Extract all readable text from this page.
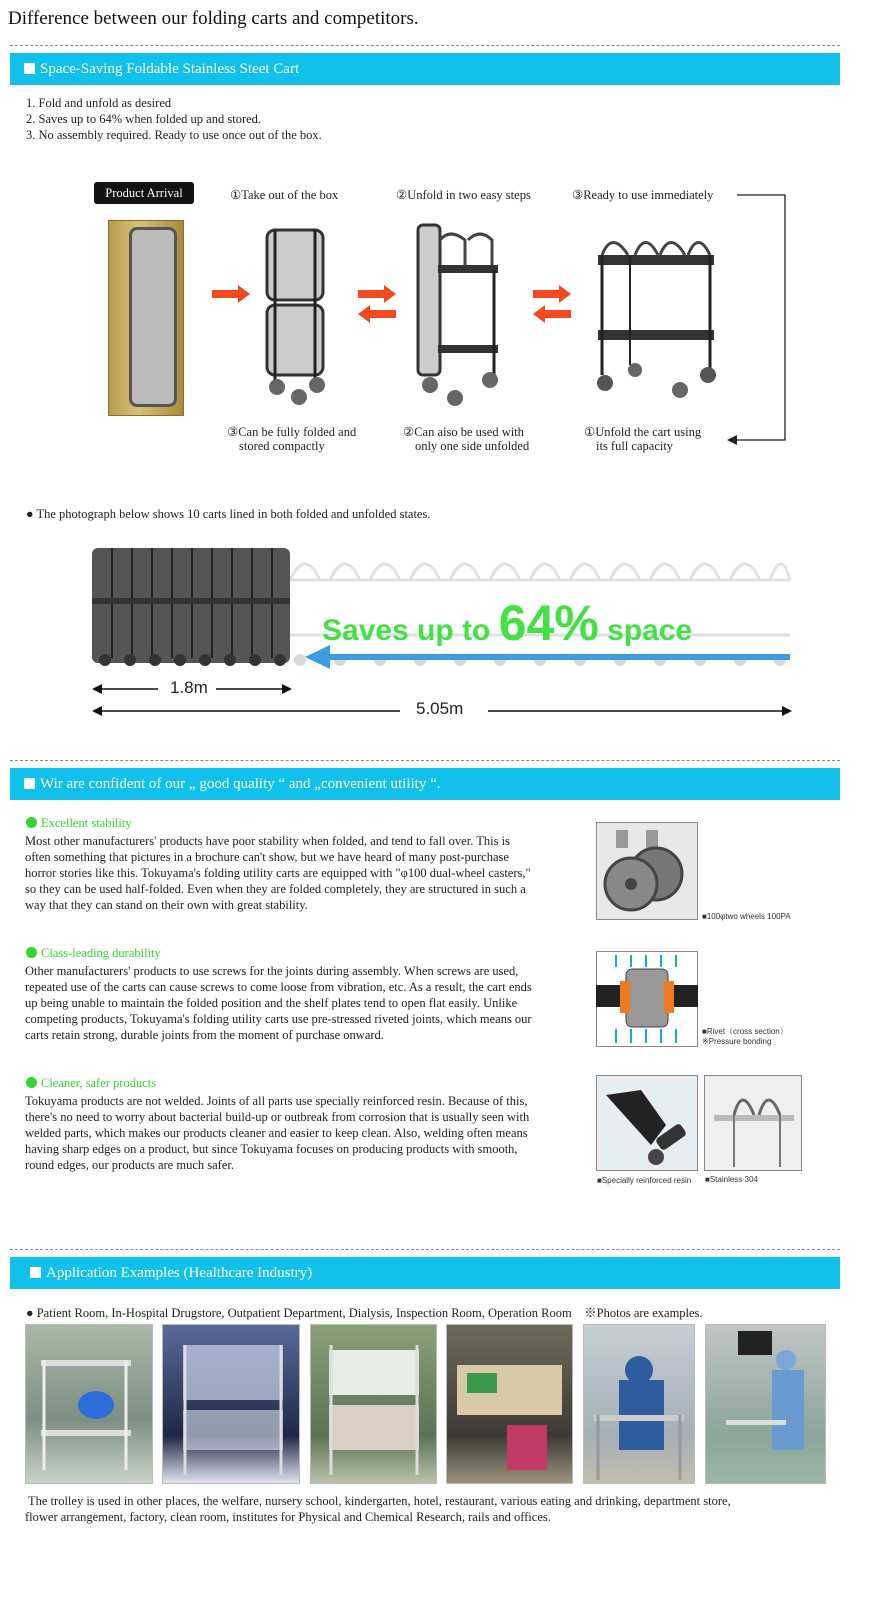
Difference between our folding carts and competitors.
Space-Saving Foldable Stainless Steet Cart
1. Fold and unfold as desired
2. Saves up to 64% when folded up and stored.
3. No assembly required. Ready to use once out of the box.
Product Arrival	①Take out of the box	②Unfold in two easy steps	③Ready to use immediately
③Can be fully folded and
stored compactly
②Can aiso be used with
only one side unfolded
①Unfold the cart using
its full capacity
● The photograph below shows 10 carts lined in both folded and unfolded states.
Saves up to 64% space
1.8m
5.05m
Wir are confident of our „ good quality “ and „convenient utility “.
Excellent stability
Most other manufacturers' products have poor stability when folded, and tend to fall over. This is
often something that pictures in a brochure can't show, but we have heard of many post-purchase
horror stories like this. Tokuyama's folding utility carts are equipped with "φ100 dual-wheel casters,"
so they can be used half-folded. Even when they are folded completely, they are structured in such a
way that they can stand on their own with great stability.
■100φtwo wheels 100PA
Class-leading durability
Other manufacturers' products to use screws for the joints during assembly. When screws are used,
repeated use of the carts can cause screws to come loose from vibration, etc. As a result, the cart ends
up being unable to maintain the folded position and the shelf plates tend to open flat easily. Unlike
competing products, Tokuyama's folding utility carts use pre-stressed riveted joints, which means our
carts retain strong, durable joints from the moment of purchase onward.	■Rivet（cross section）
※Pressure bonding
Cleaner, safer products
Tokuyama products are not welded. Joints of all parts use specially reinforced resin. Because of this,
there's no need to worry about bacterial build-up or outbreak from corrosion that is usually seen with
welded parts, which makes our products cleaner and easier to keep clean. Also, welding often means
having sharp edges on a product, but since Tokuyama focuses on producing products with smooth,
round edges, our products are much safer.
■Specially reinforced resin ■Stainless 304
Application Examples (Healthcare Industry)
● Patient Room, In-Hospital Drugstore, Outpatient Department, Dialysis, Inspection Room, Operation Room　※Photos are examples.
The trolley is used in other places, the welfare, nursery school, kindergarten, hotel, restaurant, various eating and drinking, department store,
flower arrangement, factory, clean room, institutes for Physical and Chemical Research, rails and offices.
